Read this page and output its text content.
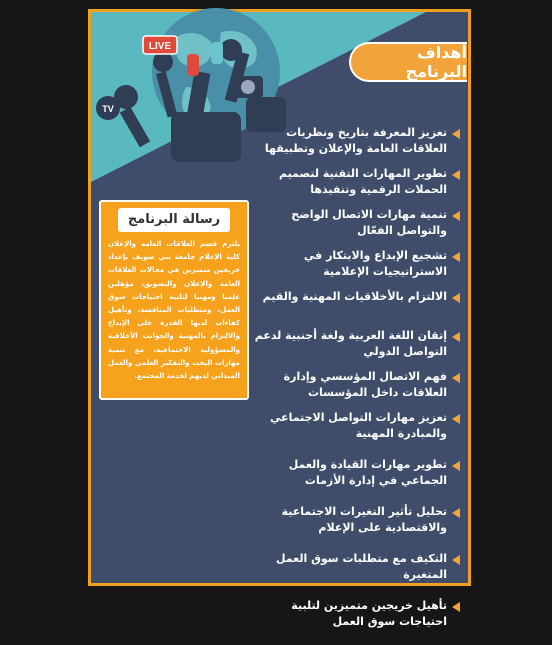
LIVE
TV
أهداف البرنامج
رسالة البرنامج
يلتزم قسم العلاقات العامة والإعلان كلية الإعلام جامعة بني سويف بإعداد خريجين متميزين في مجالات العلاقات العامة والإعلان والتسويق، مؤهلين علميا ومهنيا لتلبية احتياجات سوق العمل، ومتطلبات المنافسة، وتأهيل كفاءات لديها القدرة على الإبداع والالتزام بالمهنية والجوانب الأخلاقية والمسؤولية الاجتماعية، مع تنمية مهارات البحث والتفكير العلمي والعمل الميداني لديهم لخدمة المجتمع.
تعزيز المعرفة بتاريخ ونظريات العلاقات العامة والإعلان وتطبيقها
تطوير المهارات التقنية لتصميم الحملات الرقمية وتنفيذها
تنمية مهارات الاتصال الواضح والتواصل الفعّال
تشجيع الإبداع والابتكار في الاستراتيجيات الإعلامية
الالتزام بالأخلاقيات المهنية والقيم
إتقان اللغة العربية ولغة أجنبية لدعم التواصل الدولي
فهم الاتصال المؤسسي وإدارة العلاقات داخل المؤسسات
تعزيز مهارات التواصل الاجتماعي والمبادرة المهنية
تطوير مهارات القيادة والعمل الجماعي في إدارة الأزمات
تحليل تأثير التغيرات الاجتماعية والاقتصادية على الإعلام
التكيف مع متطلبات سوق العمل المتغيرة
تأهيل خريجين متميزين لتلبية احتياجات سوق العمل
